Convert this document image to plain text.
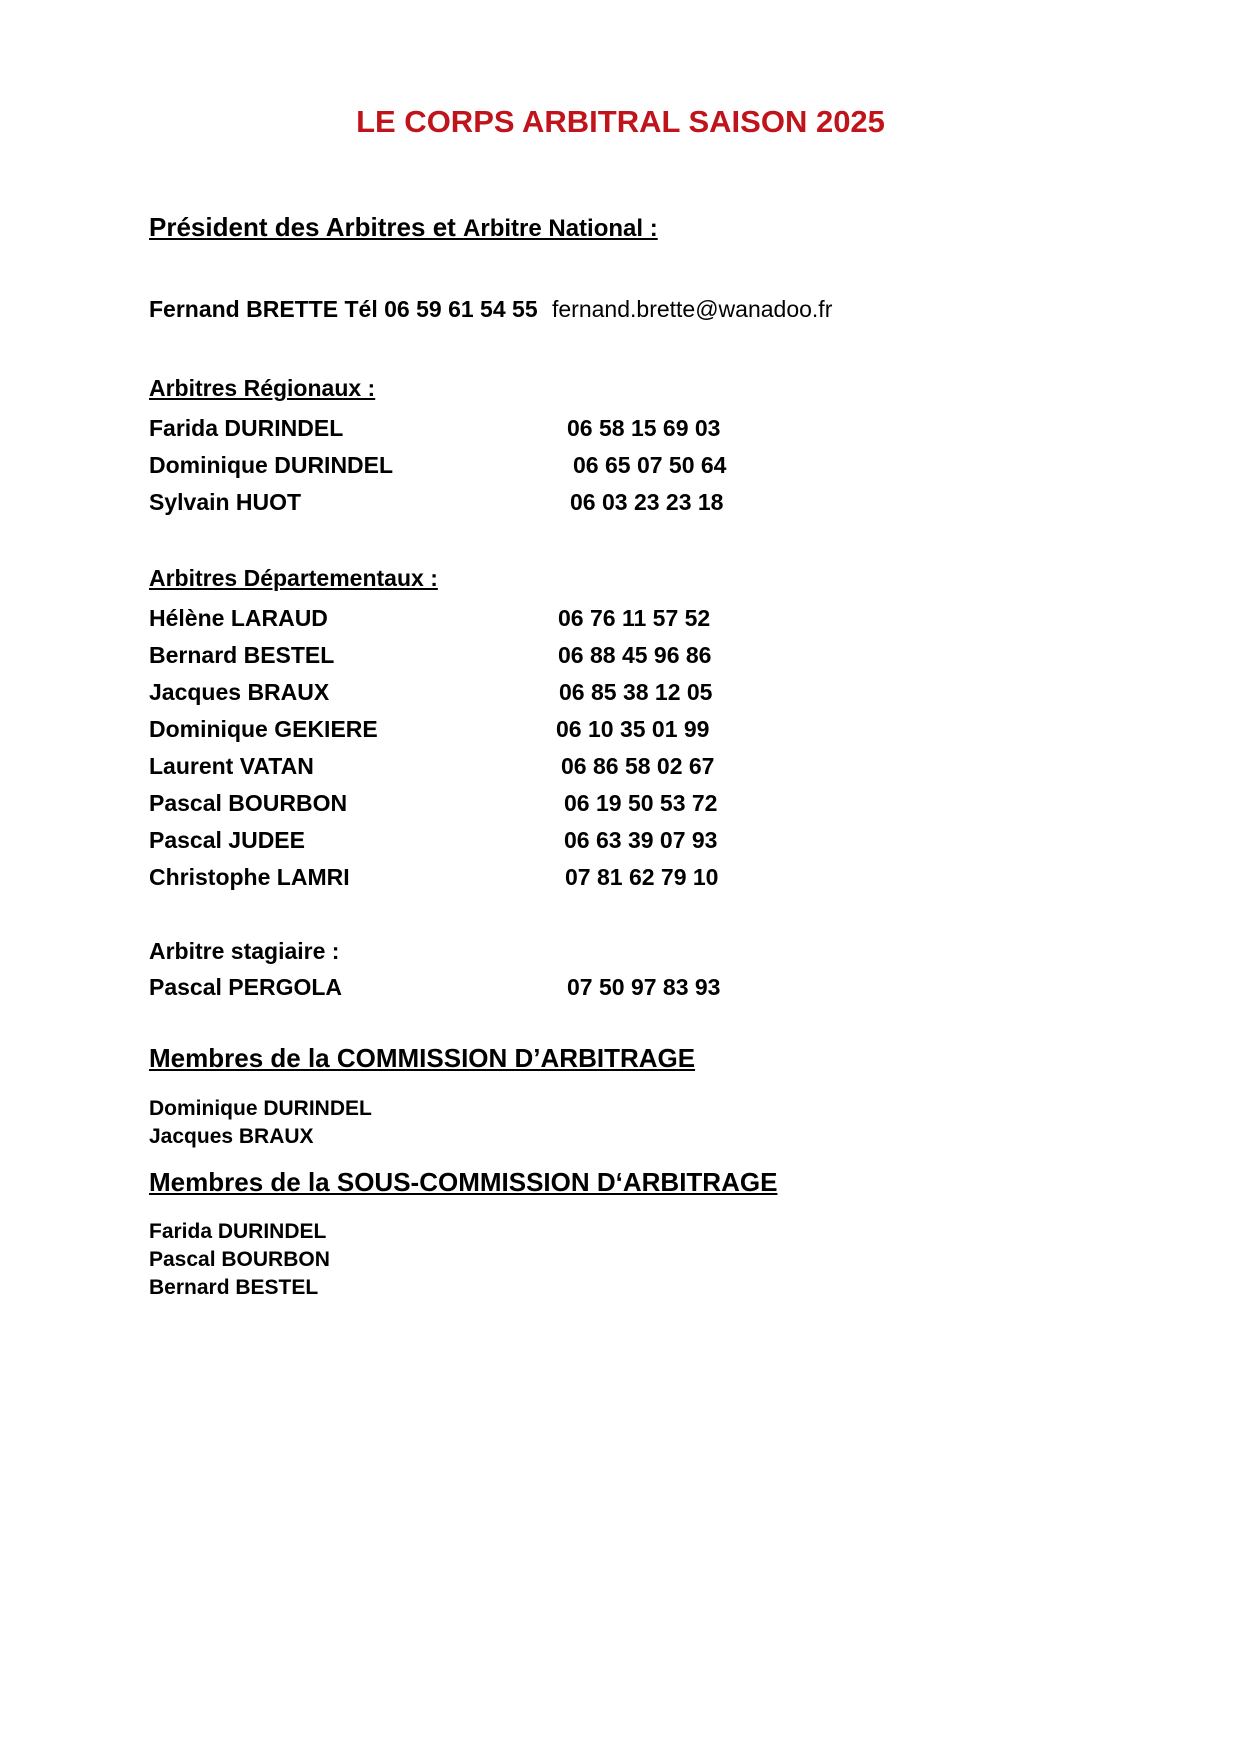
LE CORPS ARBITRAL SAISON 2025
Président des Arbitres et Arbitre National :
Fernand BRETTE Tél 06 59 61 54 55 fernand.brette@wanadoo.fr
Arbitres Régionaux :
Farida DURINDEL	06 58 15 69 03
Dominique DURINDEL	06 65 07 50 64
Sylvain HUOT	06 03 23 23 18
Arbitres Départementaux :
Hélène LARAUD	06 76 11 57 52
Bernard BESTEL	06 88 45 96 86
Jacques BRAUX	06 85 38 12 05
Dominique GEKIERE	06 10 35 01 99
Laurent VATAN	06 86 58 02 67
Pascal BOURBON	06 19 50 53 72
Pascal JUDEE	06 63 39 07 93
Christophe LAMRI	07 81 62 79 10
Arbitre stagiaire :
Pascal PERGOLA	07 50 97 83 93
Membres de la COMMISSION D’ARBITRAGE
Dominique DURINDEL
Jacques BRAUX
Membres de la SOUS-COMMISSION D‘ARBITRAGE
Farida DURINDEL
Pascal BOURBON
Bernard BESTEL
